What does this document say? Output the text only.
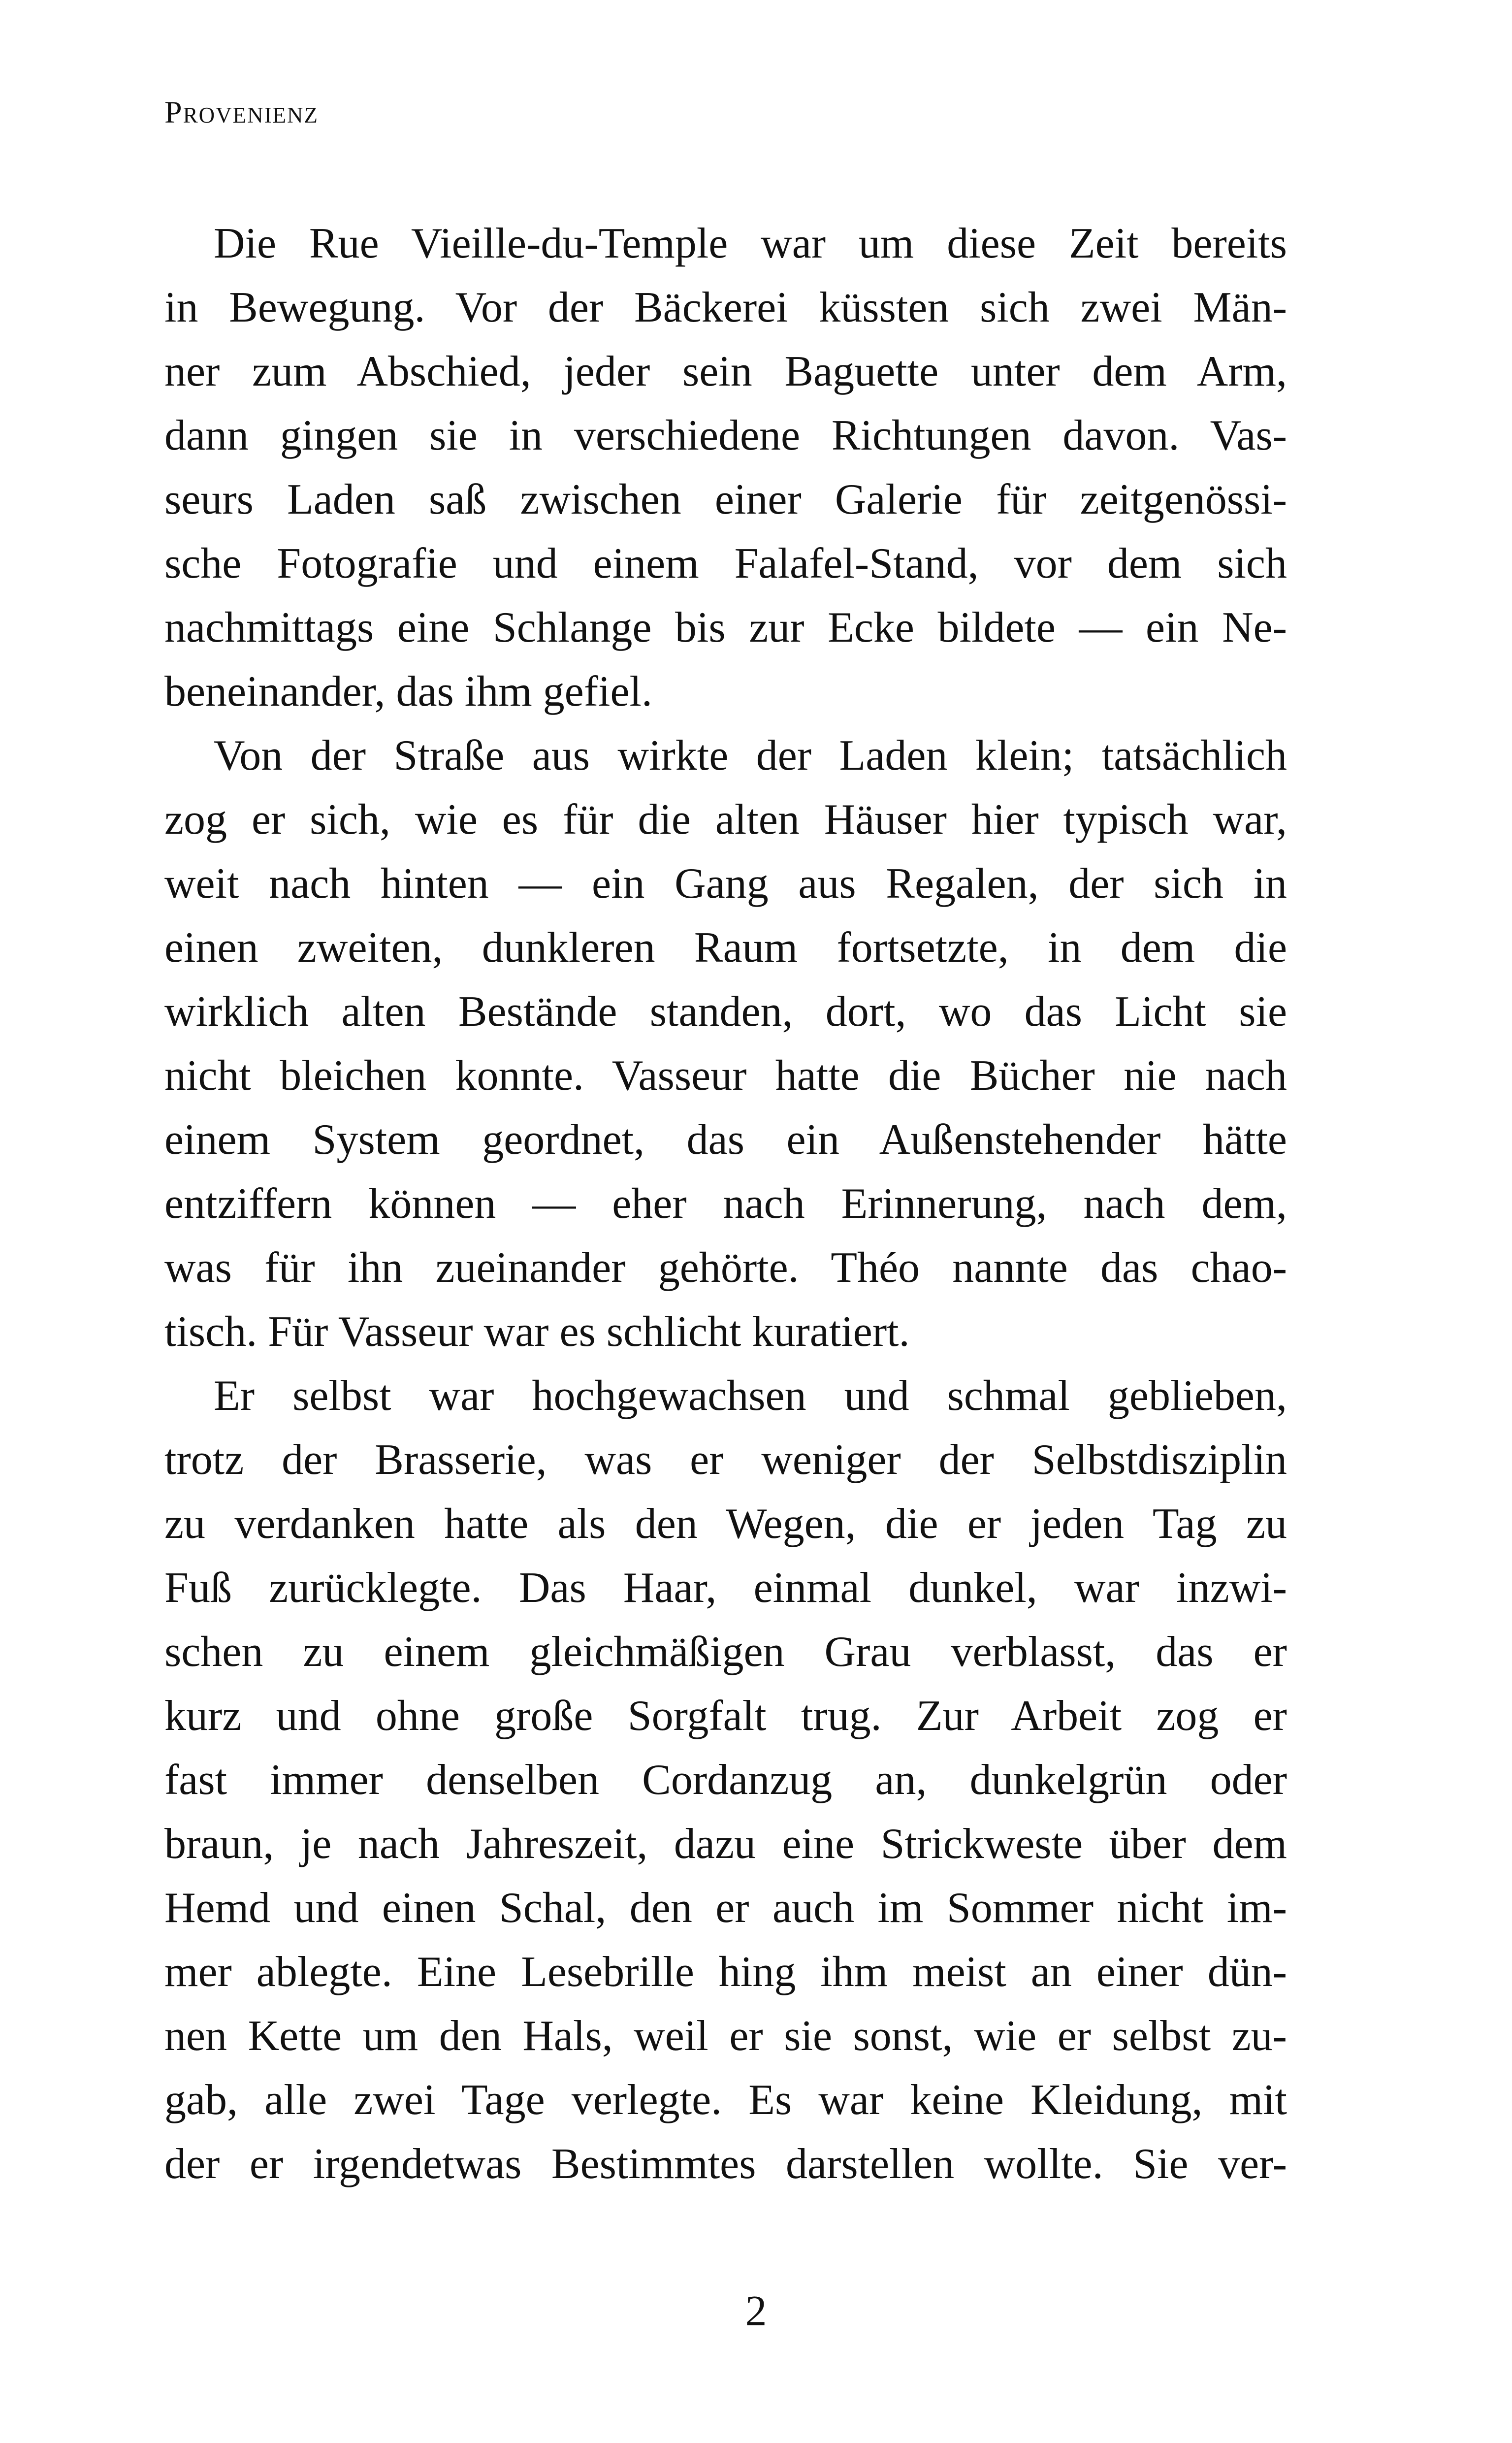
Provenienz
Die Rue Vieille-du-Temple war um diese Zeit bereits
in Bewegung. Vor der Bäckerei küssten sich zwei Män-
ner zum Abschied, jeder sein Baguette unter dem Arm,
dann gingen sie in verschiedene Richtungen davon. Vas-
seurs Laden saß zwischen einer Galerie für zeitgenössi-
sche Fotografie und einem Falafel-Stand, vor dem sich
nachmittags eine Schlange bis zur Ecke bildete — ein Ne-
beneinander, das ihm gefiel.
Von der Straße aus wirkte der Laden klein; tatsächlich
zog er sich, wie es für die alten Häuser hier typisch war,
weit nach hinten — ein Gang aus Regalen, der sich in
einen zweiten, dunkleren Raum fortsetzte, in dem die
wirklich alten Bestände standen, dort, wo das Licht sie
nicht bleichen konnte. Vasseur hatte die Bücher nie nach
einem System geordnet, das ein Außenstehender hätte
entziffern können — eher nach Erinnerung, nach dem,
was für ihn zueinander gehörte. Théo nannte das chao-
tisch. Für Vasseur war es schlicht kuratiert.
Er selbst war hochgewachsen und schmal geblieben,
trotz der Brasserie, was er weniger der Selbstdisziplin
zu verdanken hatte als den Wegen, die er jeden Tag zu
Fuß zurücklegte. Das Haar, einmal dunkel, war inzwi-
schen zu einem gleichmäßigen Grau verblasst, das er
kurz und ohne große Sorgfalt trug. Zur Arbeit zog er
fast immer denselben Cordanzug an, dunkelgrün oder
braun, je nach Jahreszeit, dazu eine Strickweste über dem
Hemd und einen Schal, den er auch im Sommer nicht im-
mer ablegte. Eine Lesebrille hing ihm meist an einer dün-
nen Kette um den Hals, weil er sie sonst, wie er selbst zu-
gab, alle zwei Tage verlegte. Es war keine Kleidung, mit
der er irgendetwas Bestimmtes darstellen wollte. Sie ver-
2
